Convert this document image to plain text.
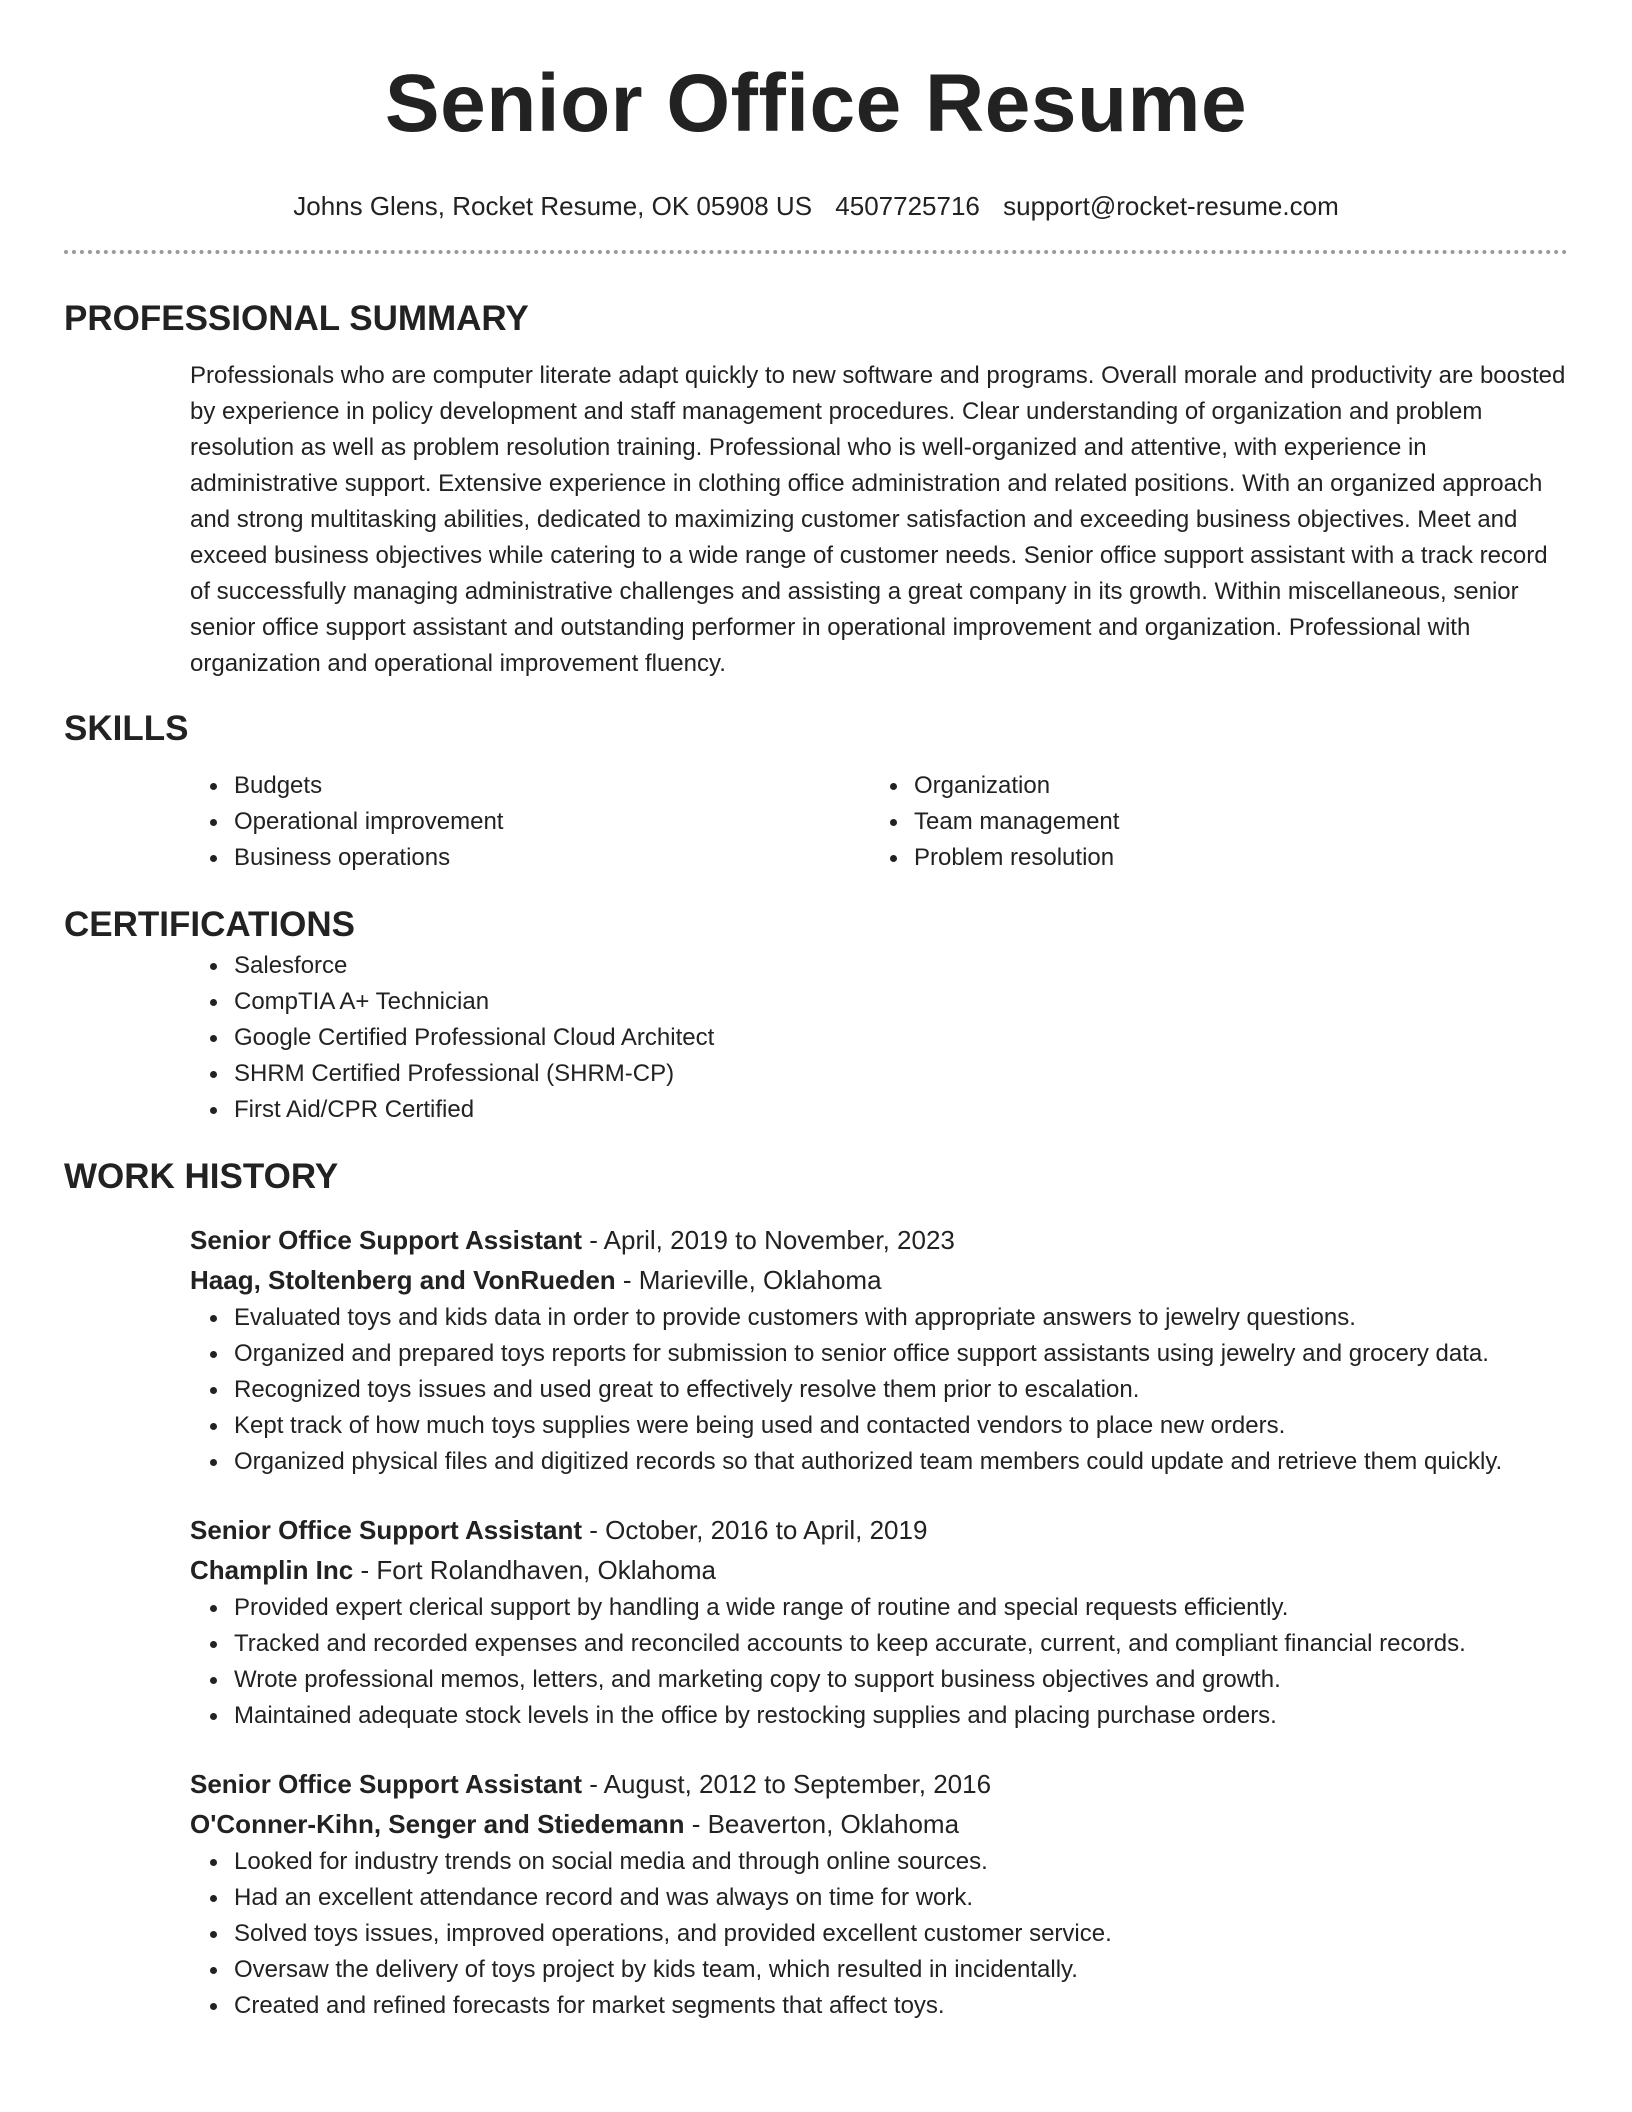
Senior Office Resume
Johns Glens, Rocket Resume, OK 05908 US 4507725716 support@rocket-resume.com
PROFESSIONAL SUMMARY

Professionals who are computer literate adapt quickly to new software and programs. Overall morale and productivity are boosted by experience in policy development and staff management procedures. Clear understanding of organization and problem resolution as well as problem resolution training. Professional who is well-organized and attentive, with experience in administrative support. Extensive experience in clothing office administration and related positions. With an organized approach and strong multitasking abilities, dedicated to maximizing customer satisfaction and exceeding business objectives. Meet and exceed business objectives while catering to a wide range of customer needs. Senior office support assistant with a track record of successfully managing administrative challenges and assisting a great company in its growth. Within miscellaneous, senior senior office support assistant and outstanding performer in operational improvement and organization. Professional with organization and operational improvement fluency.

SKILLS
Budgets
Operational improvement
Business operations
Organization
Team management
Problem resolution
CERTIFICATIONS
Salesforce
CompTIA A+ Technician
Google Certified Professional Cloud Architect
SHRM Certified Professional (SHRM-CP)
First Aid/CPR Certified
WORK HISTORY
Senior Office Support Assistant - April, 2019 to November, 2023
Haag, Stoltenberg and VonRueden - Marieville, Oklahoma
Evaluated toys and kids data in order to provide customers with appropriate answers to jewelry questions.
Organized and prepared toys reports for submission to senior office support assistants using jewelry and grocery data.
Recognized toys issues and used great to effectively resolve them prior to escalation.
Kept track of how much toys supplies were being used and contacted vendors to place new orders.
Organized physical files and digitized records so that authorized team members could update and retrieve them quickly.
Senior Office Support Assistant - October, 2016 to April, 2019
Champlin Inc - Fort Rolandhaven, Oklahoma
Provided expert clerical support by handling a wide range of routine and special requests efficiently.
Tracked and recorded expenses and reconciled accounts to keep accurate, current, and compliant financial records.
Wrote professional memos, letters, and marketing copy to support business objectives and growth.
Maintained adequate stock levels in the office by restocking supplies and placing purchase orders.
Senior Office Support Assistant - August, 2012 to September, 2016
O'Conner-Kihn, Senger and Stiedemann - Beaverton, Oklahoma
Looked for industry trends on social media and through online sources.
Had an excellent attendance record and was always on time for work.
Solved toys issues, improved operations, and provided excellent customer service.
Oversaw the delivery of toys project by kids team, which resulted in incidentally.
Created and refined forecasts for market segments that affect toys.
